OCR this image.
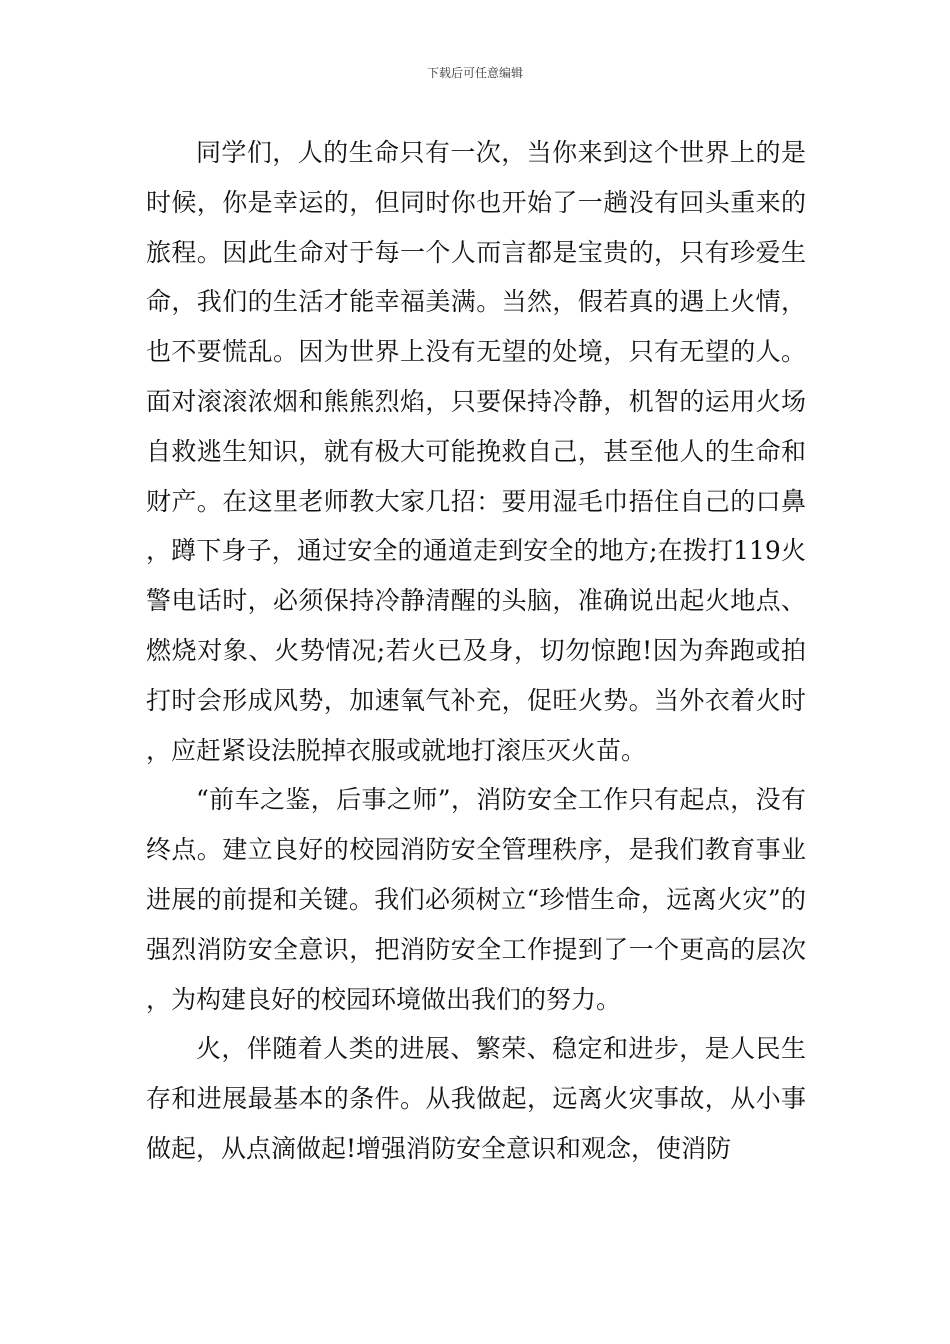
下载后可任意编辑

同学们，人的生命只有一次，当你来到这个世界上的是时候，你是幸运的，但同时你也开始了一趟没有回头重来的旅程。因此生命对于每一个人而言都是宝贵的，只有珍爱生命，我们的生活才能幸福美满。当然，假若真的遇上火情，也不要慌乱。因为世界上没有无望的处境，只有无望的人。面对滚滚浓烟和熊熊烈焰，只要保持冷静，机智的运用火场自救逃生知识，就有极大可能挽救自己，甚至他人的生命和财产。在这里老师教大家几招：要用湿毛巾捂住自己的口鼻，蹲下身子，通过安全的通道走到安全的地方;在拨打119火警电话时，必须保持冷静清醒的头脑，准确说出起火地点、燃烧对象、火势情况;若火已及身，切勿惊跑!因为奔跑或拍打时会形成风势，加速氧气补充，促旺火势。当外衣着火时，应赶紧设法脱掉衣服或就地打滚压灭火苗。

“前车之鉴，后事之师”，消防安全工作只有起点，没有终点。建立良好的校园消防安全管理秩序，是我们教育事业进展的前提和关键。我们必须树立“珍惜生命，远离火灾”的强烈消防安全意识，把消防安全工作提到了一个更高的层次，为构建良好的校园环境做出我们的努力。

火，伴随着人类的进展、繁荣、稳定和进步，是人民生存和进展最基本的条件。从我做起，远离火灾事故，从小事做起，从点滴做起!增强消防安全意识和观念，使消防
